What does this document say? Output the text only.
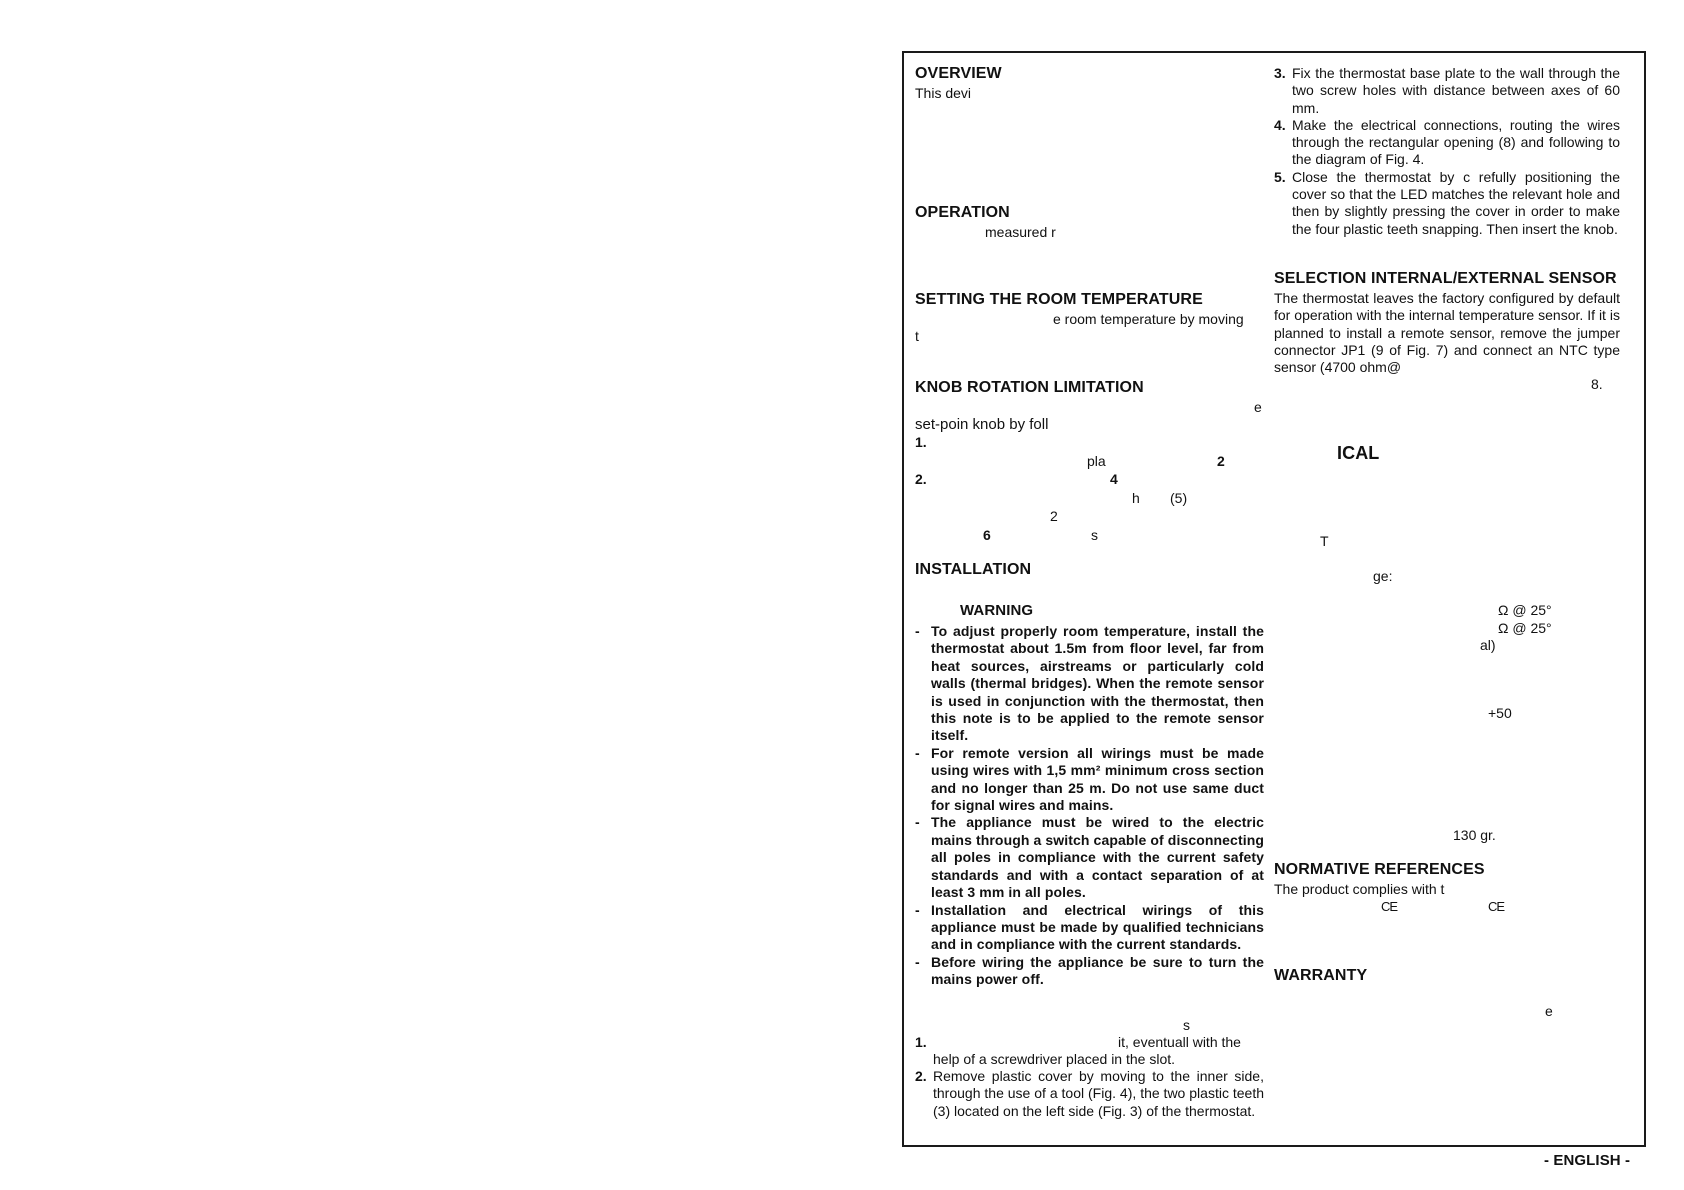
OVERVIEW
This devi
OPERATION
measured r
SETTING THE ROOM TEMPERATURE
e room temperature by moving
t
KNOB ROTATION LIMITATION
e
set-poin knob by foll
1.
pla	2
2.	4
h (5)
2
6	s
INSTALLATION
WARNING
- To adjust properly room temperature, install the thermostat about 1.5m from floor level, far from heat sources, airstreams or particularly cold walls (thermal bridges). When the remote sensor is used in conjunction with the thermostat, then this note is to be applied to the remote sensor itself.
- For remote version all wirings must be made using wires with 1,5 mm² minimum cross section and no longer than 25 m. Do not use same duct for signal wires and mains.
- The appliance must be wired to the electric mains through a switch capable of disconnecting all poles in compliance with the current safety standards and with a contact separation of at least 3 mm in all poles.
- Installation and electrical wirings of this appliance must be made by qualified technicians and in compliance with the current standards.
- Before wiring the appliance be sure to turn the mains power off.
s
1.	it, eventuall with the
help of a screwdriver placed in the slot.
2. Remove plastic cover by moving to the inner side, through the use of a tool (Fig. 4), the two plastic teeth (3) located on the left side (Fig. 3) of the thermostat.
3. Fix the thermostat base plate to the wall through the two screw holes with distance between axes of 60 mm.
4. Make the electrical connections, routing the wires through the rectangular opening (8) and following to the diagram of Fig. 4.
5. Close the thermostat by c refully positioning the cover so that the LED matches the relevant hole and then by slightly pressing the cover in order to make the four plastic teeth snapping. Then insert the knob.
SELECTION INTERNAL/EXTERNAL SENSOR
The thermostat leaves the factory configured by default for operation with the internal temperature sensor. If it is planned to install a remote sensor, remove the jumper connector JP1 (9 of Fig. 7) and connect an NTC type sensor (4700 ohm@
8.
ICAL
T
ge:
Ω @ 25°
Ω @ 25°
al)
+50
130 gr.
NORMATIVE REFERENCES
The product complies with t
CE	CE
WARRANTY
e
- ENGLISH -
